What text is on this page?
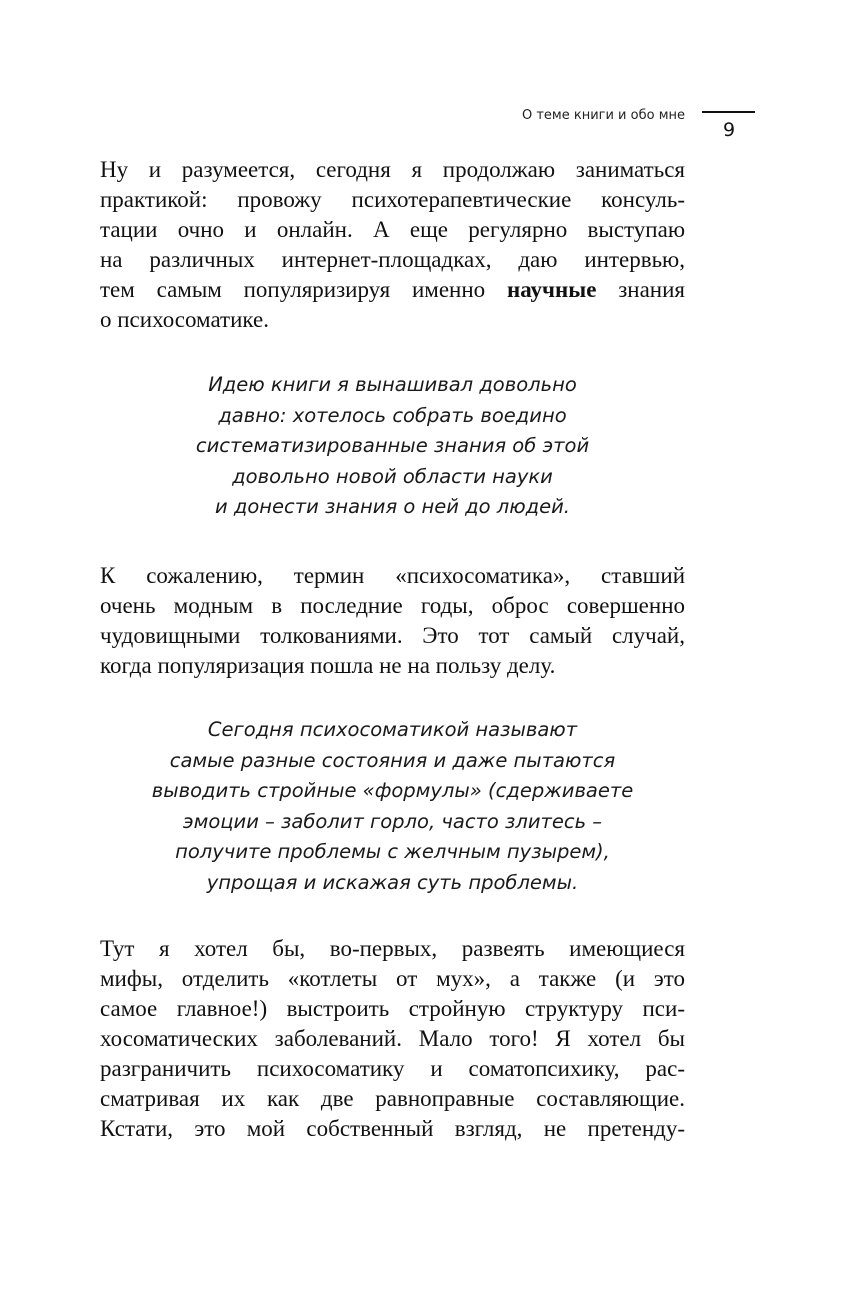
О теме книги и обо мне
9
Ну и разумеется, сегодня я продолжаю заниматься
практикой: провожу психотерапевтические консуль-
тации очно и онлайн. А еще регулярно выступаю
на различных интернет-площадках, даю интервью,
тем самым популяризируя именно научные знания
о психосоматике.
Идею книги я вынашивал довольно
давно: хотелось собрать воедино
систематизированные знания об этой
довольно новой области науки
и донести знания о ней до людей.
К сожалению, термин «психосоматика», ставший
очень модным в последние годы, оброс совершенно
чудовищными толкованиями. Это тот самый случай,
когда популяризация пошла не на пользу делу.
Сегодня психосоматикой называют
самые разные состояния и даже пытаются
выводить стройные «формулы» (сдерживаете
эмоции – заболит горло, часто злитесь –
получите проблемы с желчным пузырем),
упрощая и искажая суть проблемы.
Тут я хотел бы, во-первых, развеять имеющиеся
мифы, отделить «котлеты от мух», а также (и это
самое главное!) выстроить стройную структуру пси-
хосоматических заболеваний. Мало того! Я хотел бы
разграничить психосоматику и соматопсихику, рас-
сматривая их как две равноправные составляющие.
Кстати, это мой собственный взгляд, не претенду-
